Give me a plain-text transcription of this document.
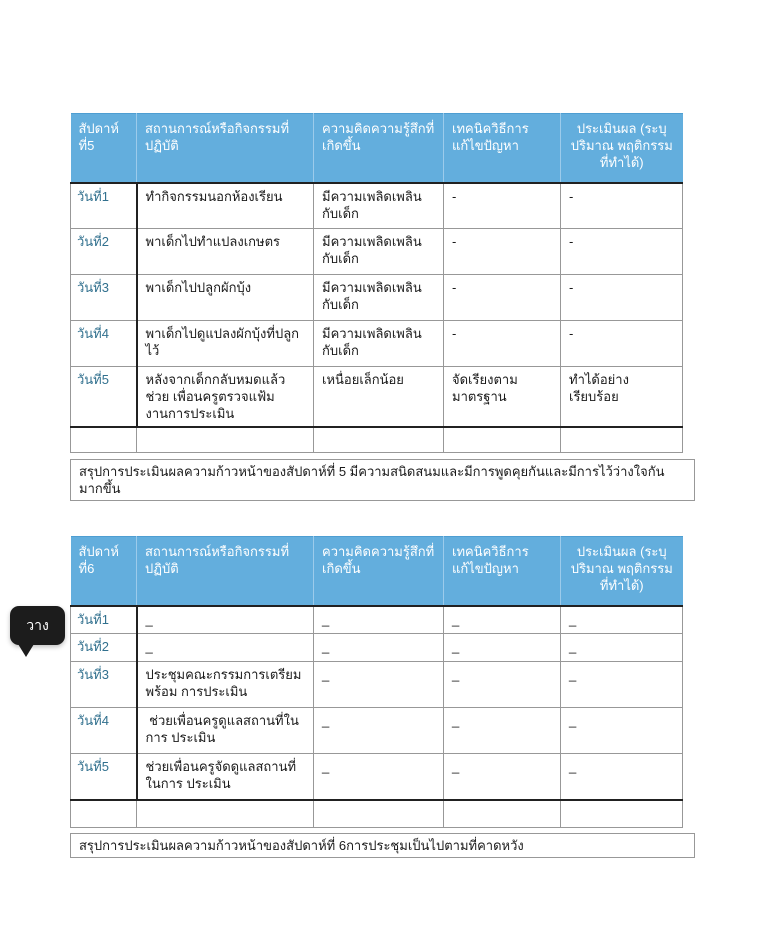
สัปดาห์ที่5	สถานการณ์หรือกิจกรรมที่ปฏิบัติ	ความคิดความรู้สึกที่เกิดขึ้น	เทคนิควิธีการแก้ไขปัญหา	ประเมินผล (ระบุปริมาณ พฤติกรรมที่ทำได้)
วันที่1	ทำกิจกรรมนอกห้องเรียน	มีความเพลิดเพลิน กับเด็ก	-	-
วันที่2	พาเด็กไปทำแปลงเกษตร	มีความเพลิดเพลิน กับเด็ก	-	-
วันที่3	พาเด็กไปปลูกผักบุ้ง	มีความเพลิดเพลิน กับเด็ก	-	-
วันที่4	พาเด็กไปดูแปลงผักบุ้งที่ปลูกไว้	มีความเพลิดเพลิน กับเด็ก	-	-
วันที่5	หลังจากเด็กกลับหมดแล้วช่วย เพื่อนครูตรวจแฟ้มงานการประเมิน	เหนื่อยเล็กน้อย	จัดเรียงตาม มาตรฐาน	ทำได้อย่างเรียบร้อย

สรุปการประเมินผลความก้าวหน้าของสัปดาห์ที่ 5 มีความสนิดสนมและมีการพูดคุยกันและมีการไว้ว่างใจกันมากขึ้น
สัปดาห์ที่6	สถานการณ์หรือกิจกรรมที่ปฏิบัติ	ความคิดความรู้สึกที่เกิดขึ้น	เทคนิควิธีการแก้ไขปัญหา	ประเมินผล (ระบุปริมาณ พฤติกรรมที่ทำได้)
วันที่1	_	_	_	_
วันที่2	_	_	_	_
วันที่3	ประชุมคณะกรรมการเตรียมพร้อม การประเมิน	_	_	_
วันที่4	ช่วยเพื่อนครูดูแลสถานที่ในการ ประเมิน	_	_	_
วันที่5	ช่วยเพื่อนครูจัดดูแลสถานที่ในการ ประเมิน	_	_	_

สรุปการประเมินผลความก้าวหน้าของสัปดาห์ที่ 6การประชุมเป็นไปตามที่คาดหวัง
วาง
